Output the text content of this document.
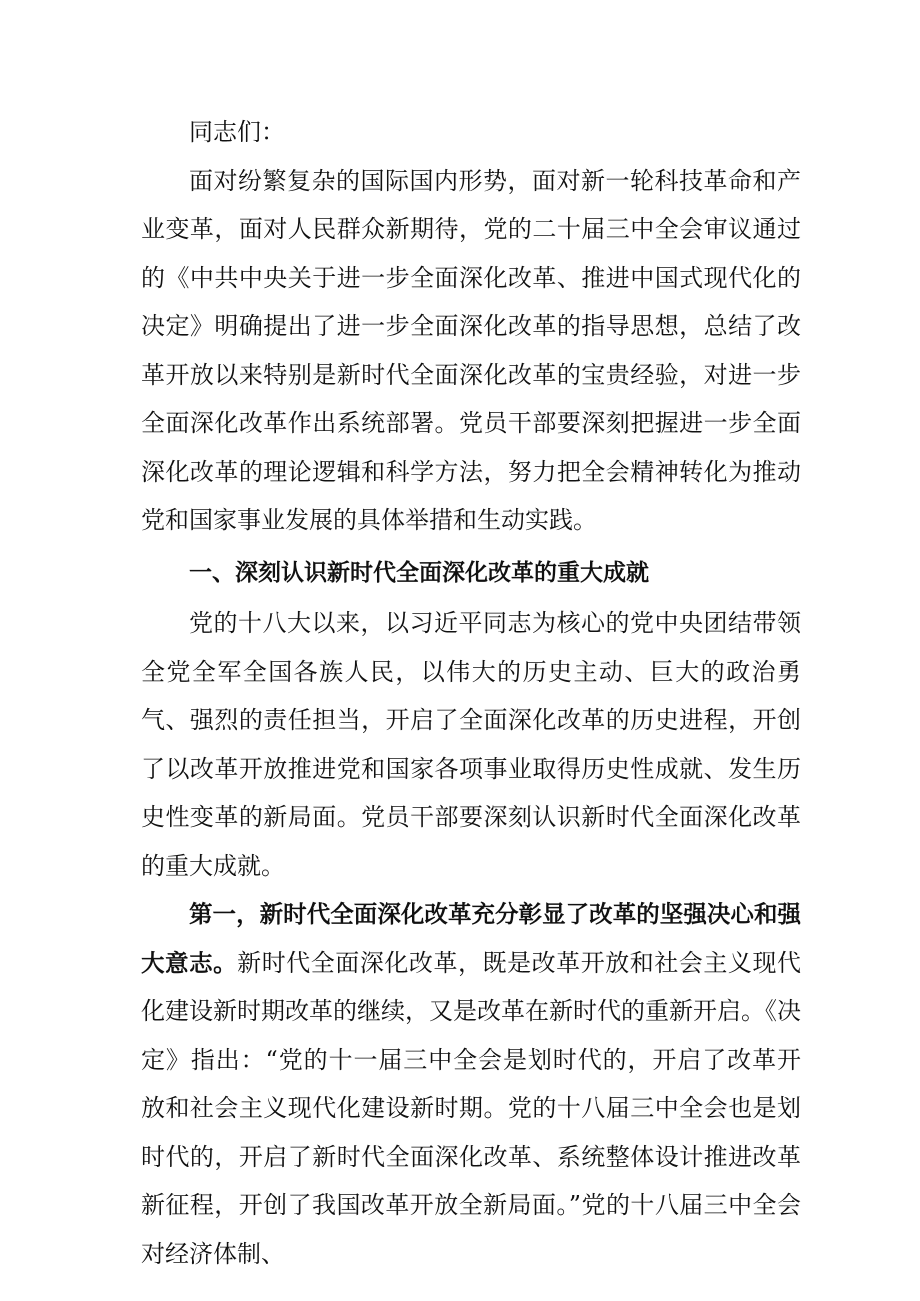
同志们：

面对纷繁复杂的国际国内形势，面对新一轮科技革命和产业变革，面对人民群众新期待，党的二十届三中全会审议通过的《中共中央关于进一步全面深化改革、推进中国式现代化的决定》明确提出了进一步全面深化改革的指导思想，总结了改革开放以来特别是新时代全面深化改革的宝贵经验，对进一步全面深化改革作出系统部署。党员干部要深刻把握进一步全面深化改革的理论逻辑和科学方法，努力把全会精神转化为推动党和国家事业发展的具体举措和生动实践。

一、深刻认识新时代全面深化改革的重大成就

党的十八大以来，以习近平同志为核心的党中央团结带领全党全军全国各族人民，以伟大的历史主动、巨大的政治勇气、强烈的责任担当，开启了全面深化改革的历史进程，开创了以改革开放推进党和国家各项事业取得历史性成就、发生历史性变革的新局面。党员干部要深刻认识新时代全面深化改革的重大成就。

第一，新时代全面深化改革充分彰显了改革的坚强决心和强大意志。新时代全面深化改革，既是改革开放和社会主义现代化建设新时期改革的继续，又是改革在新时代的重新开启。《决定》指出：“党的十一届三中全会是划时代的，开启了改革开放和社会主义现代化建设新时期。党的十八届三中全会也是划时代的，开启了新时代全面深化改革、系统整体设计推进改革新征程，开创了我国改革开放全新局面。”党的十八届三中全会对经济体制、
